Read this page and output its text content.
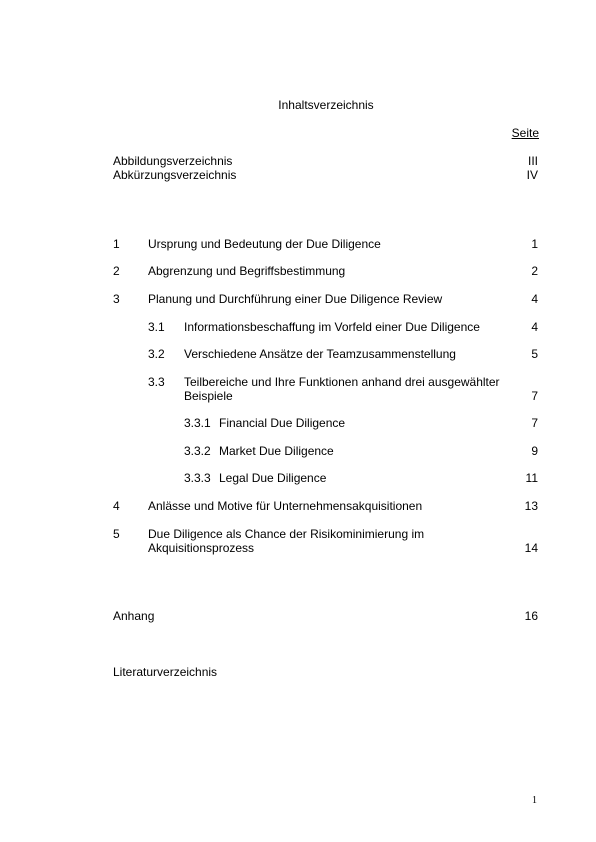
Inhaltsverzeichnis
Seite
Abbildungsverzeichnis	III
Abkürzungsverzeichnis	IV
1 Ursprung und Bedeutung der Due Diligence	1
2 Abgrenzung und Begriffsbestimmung	2
3 Planung und Durchführung einer Due Diligence Review	4
3.1 Informationsbeschaffung im Vorfeld einer Due Diligence	4
3.2 Verschiedene Ansätze der Teamzusammenstellung	5
3.3 Teilbereiche und Ihre Funktionen anhand drei ausgewählter
Beispiele	7
3.3.1 Financial Due Diligence	7
3.3.2 Market Due Diligence	9
3.3.3 Legal Due Diligence	11
4 Anlässe und Motive für Unternehmensakquisitionen	13
5 Due Diligence als Chance der Risikominimierung im
Akquisitionsprozess	14
Anhang	16
Literaturverzeichnis
1
